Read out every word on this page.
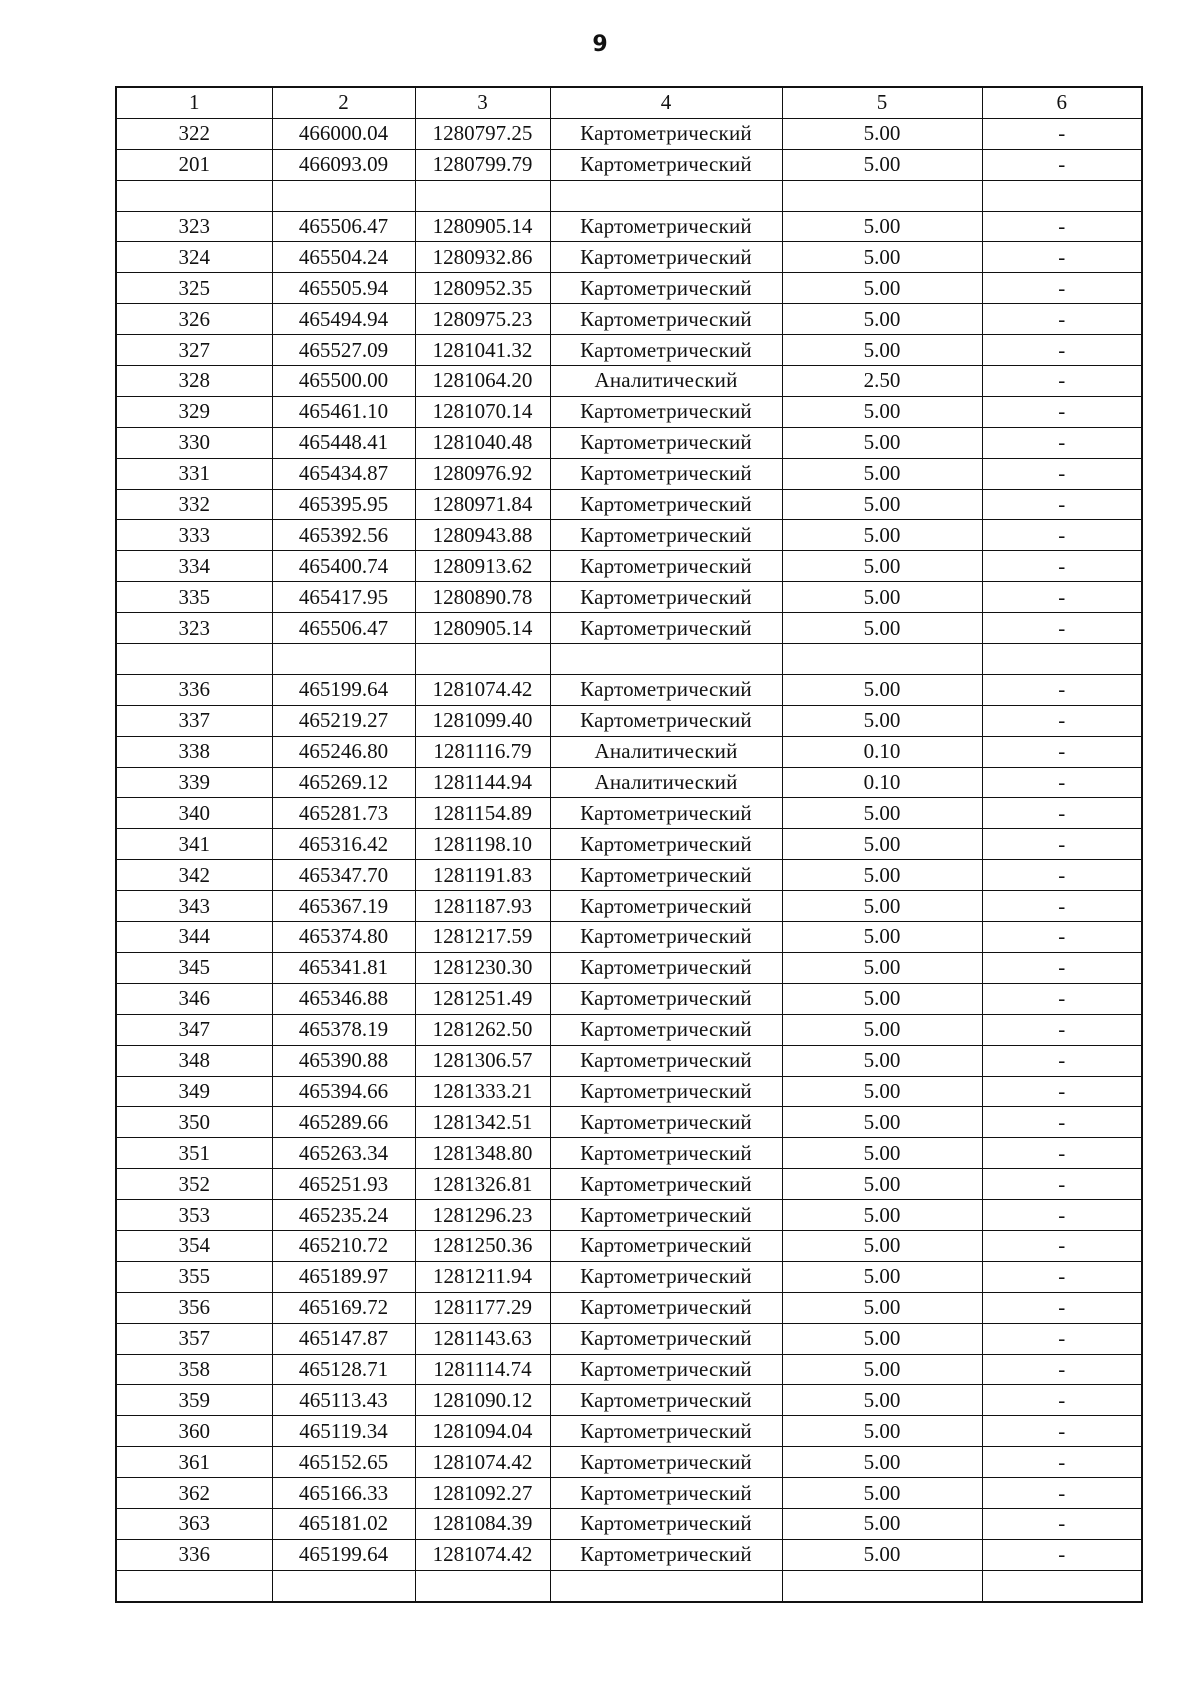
9
1	2	3	4	5	6
322	466000.04	1280797.25	Картометрический	5.00	-
201	466093.09	1280799.79	Картометрический	5.00	-

323	465506.47	1280905.14	Картометрический	5.00	-
324	465504.24	1280932.86	Картометрический	5.00	-
325	465505.94	1280952.35	Картометрический	5.00	-
326	465494.94	1280975.23	Картометрический	5.00	-
327	465527.09	1281041.32	Картометрический	5.00	-
328	465500.00	1281064.20	Аналитический	2.50	-
329	465461.10	1281070.14	Картометрический	5.00	-
330	465448.41	1281040.48	Картометрический	5.00	-
331	465434.87	1280976.92	Картометрический	5.00	-
332	465395.95	1280971.84	Картометрический	5.00	-
333	465392.56	1280943.88	Картометрический	5.00	-
334	465400.74	1280913.62	Картометрический	5.00	-
335	465417.95	1280890.78	Картометрический	5.00	-
323	465506.47	1280905.14	Картометрический	5.00	-

336	465199.64	1281074.42	Картометрический	5.00	-
337	465219.27	1281099.40	Картометрический	5.00	-
338	465246.80	1281116.79	Аналитический	0.10	-
339	465269.12	1281144.94	Аналитический	0.10	-
340	465281.73	1281154.89	Картометрический	5.00	-
341	465316.42	1281198.10	Картометрический	5.00	-
342	465347.70	1281191.83	Картометрический	5.00	-
343	465367.19	1281187.93	Картометрический	5.00	-
344	465374.80	1281217.59	Картометрический	5.00	-
345	465341.81	1281230.30	Картометрический	5.00	-
346	465346.88	1281251.49	Картометрический	5.00	-
347	465378.19	1281262.50	Картометрический	5.00	-
348	465390.88	1281306.57	Картометрический	5.00	-
349	465394.66	1281333.21	Картометрический	5.00	-
350	465289.66	1281342.51	Картометрический	5.00	-
351	465263.34	1281348.80	Картометрический	5.00	-
352	465251.93	1281326.81	Картометрический	5.00	-
353	465235.24	1281296.23	Картометрический	5.00	-
354	465210.72	1281250.36	Картометрический	5.00	-
355	465189.97	1281211.94	Картометрический	5.00	-
356	465169.72	1281177.29	Картометрический	5.00	-
357	465147.87	1281143.63	Картометрический	5.00	-
358	465128.71	1281114.74	Картометрический	5.00	-
359	465113.43	1281090.12	Картометрический	5.00	-
360	465119.34	1281094.04	Картометрический	5.00	-
361	465152.65	1281074.42	Картометрический	5.00	-
362	465166.33	1281092.27	Картометрический	5.00	-
363	465181.02	1281084.39	Картометрический	5.00	-
336	465199.64	1281074.42	Картометрический	5.00	-
